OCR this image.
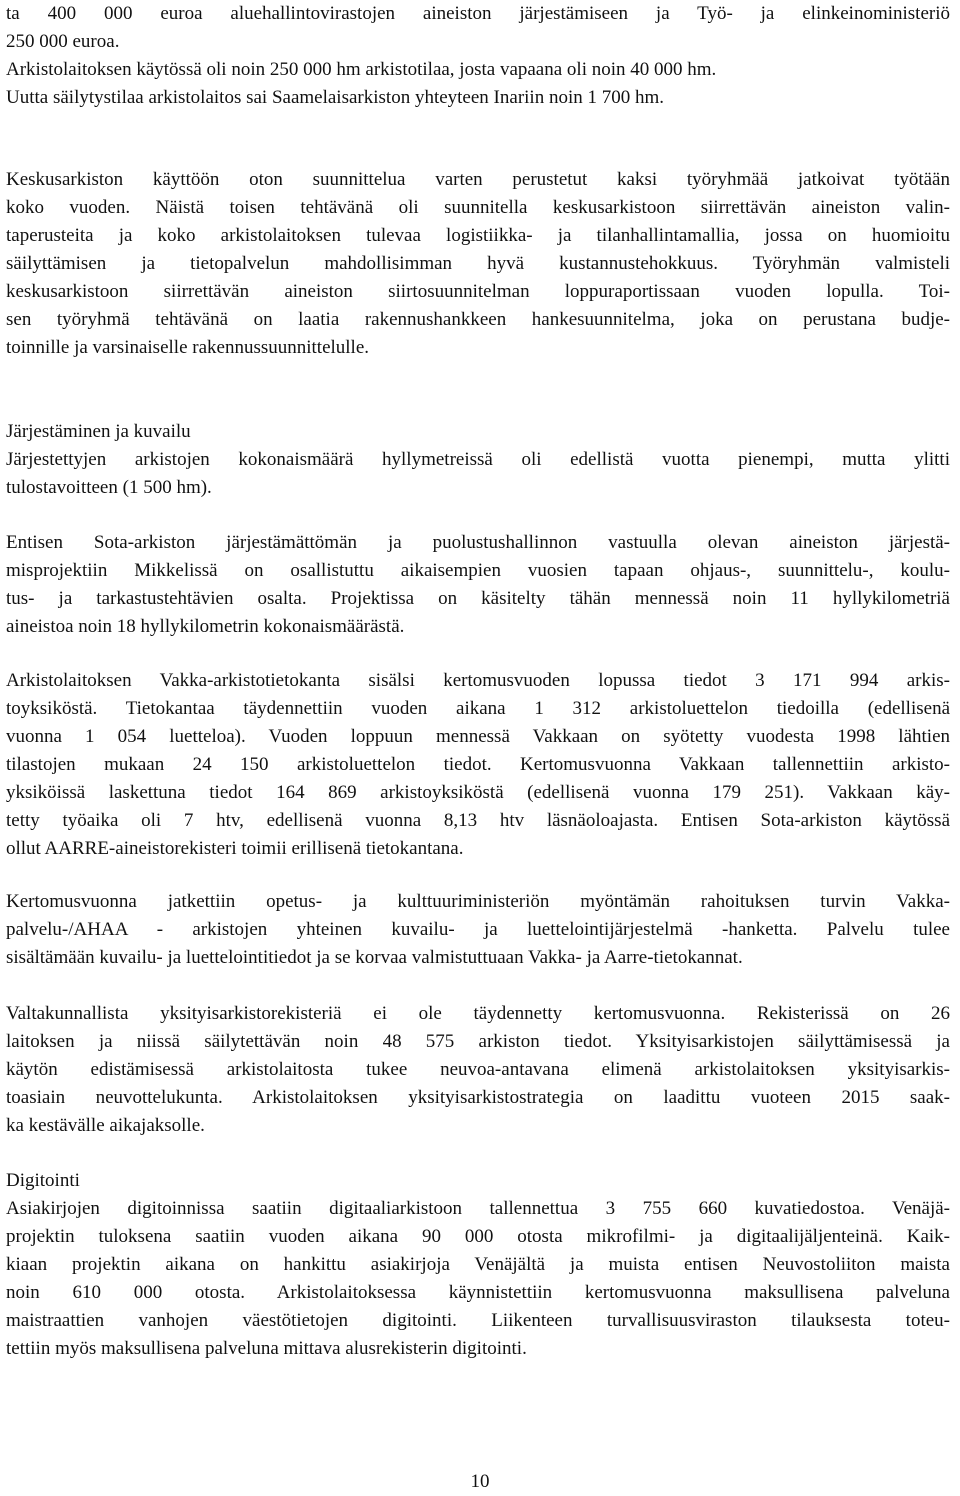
ta 400 000 euroa aluehallintovirastojen aineiston järjestämiseen ja Työ- ja elinkeinoministeriö
250 000 euroa.
Arkistolaitoksen käytössä oli noin 250 000 hm arkistotilaa, josta vapaana oli noin 40 000 hm.
Uutta säilytystilaa arkistolaitos sai Saamelaisarkiston yhteyteen Inariin noin 1 700 hm.
Keskusarkiston käyttöön oton suunnittelua varten perustetut kaksi työryhmää jatkoivat työtään
koko vuoden. Näistä toisen tehtävänä oli suunnitella keskusarkistoon siirrettävän aineiston valin-
taperusteita ja koko arkistolaitoksen tulevaa logistiikka- ja tilanhallintamallia, jossa on huomioitu
säilyttämisen ja tietopalvelun mahdollisimman hyvä kustannustehokkuus. Työryhmän valmisteli
keskusarkistoon siirrettävän aineiston siirtosuunnitelman loppuraportissaan vuoden lopulla. Toi-
sen työryhmä tehtävänä on laatia rakennushankkeen hankesuunnitelma, joka on perustana budje-
toinnille ja varsinaiselle rakennussuunnittelulle.
Järjestäminen ja kuvailu
Järjestettyjen arkistojen kokonaismäärä hyllymetreissä oli edellistä vuotta pienempi, mutta ylitti
tulostavoitteen (1 500 hm).
Entisen Sota-arkiston järjestämättömän ja puolustushallinnon vastuulla olevan aineiston järjestä-
misprojektiin Mikkelissä on osallistuttu aikaisempien vuosien tapaan ohjaus-, suunnittelu-, koulu-
tus- ja tarkastustehtävien osalta. Projektissa on käsitelty tähän mennessä noin 11 hyllykilometriä
aineistoa noin 18 hyllykilometrin kokonaismäärästä.
Arkistolaitoksen Vakka-arkistotietokanta sisälsi kertomusvuoden lopussa tiedot 3 171 994 arkis-
toyksiköstä. Tietokantaa täydennettiin vuoden aikana 1 312 arkistoluettelon tiedoilla (edellisenä
vuonna 1 054 luetteloa). Vuoden loppuun mennessä Vakkaan on syötetty vuodesta 1998 lähtien
tilastojen mukaan 24 150 arkistoluettelon tiedot. Kertomusvuonna Vakkaan tallennettiin arkisto-
yksiköissä laskettuna tiedot 164 869 arkistoyksiköstä (edellisenä vuonna 179 251). Vakkaan käy-
tetty työaika oli 7 htv, edellisenä vuonna 8,13 htv läsnäoloajasta. Entisen Sota-arkiston käytössä
ollut AARRE-aineistorekisteri toimii erillisenä tietokantana.
Kertomusvuonna jatkettiin opetus- ja kulttuuriministeriön myöntämän rahoituksen turvin Vakka-
palvelu-/AHAA - arkistojen yhteinen kuvailu- ja luettelointijärjestelmä -hanketta. Palvelu tulee
sisältämään kuvailu- ja luettelointitiedot ja se korvaa valmistuttuaan Vakka- ja Aarre-tietokannat.
Valtakunnallista yksityisarkistorekisteriä ei ole täydennetty kertomusvuonna. Rekisterissä on 26
laitoksen ja niissä säilytettävän noin 48 575 arkiston tiedot. Yksityisarkistojen säilyttämisessä ja
käytön edistämisessä arkistolaitosta tukee neuvoa-antavana elimenä arkistolaitoksen yksityisarkis-
toasiain neuvottelukunta. Arkistolaitoksen yksityisarkistostrategia on laadittu vuoteen 2015 saak-
ka kestävälle aikajaksolle.
Digitointi
Asiakirjojen digitoinnissa saatiin digitaaliarkistoon tallennettua 3 755 660 kuvatiedostoa. Venäjä-
projektin tuloksena saatiin vuoden aikana 90 000 otosta mikrofilmi- ja digitaalijäljenteinä. Kaik-
kiaan projektin aikana on hankittu asiakirjoja Venäjältä ja muista entisen Neuvostoliiton maista
noin 610 000 otosta. Arkistolaitoksessa käynnistettiin kertomusvuonna maksullisena palveluna
maistraattien vanhojen väestötietojen digitointi. Liikenteen turvallisuusviraston tilauksesta toteu-
tettiin myös maksullisena palveluna mittava alusrekisterin digitointi.
10
